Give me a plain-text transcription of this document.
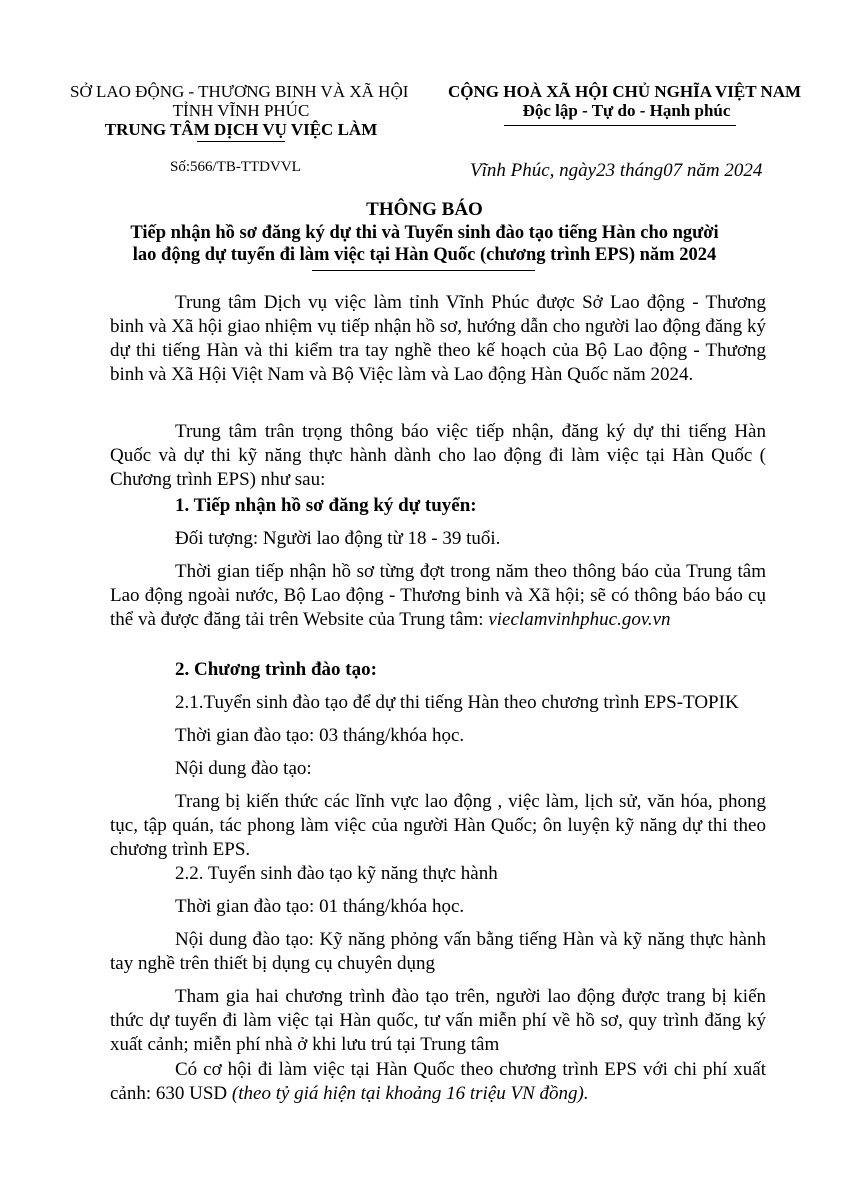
SỞ LAO ĐỘNG - THƯƠNG BINH VÀ XÃ HỘI
TỈNH VĨNH PHÚC
TRUNG TÂM DỊCH VỤ VIỆC LÀM
Số:566/TB-TTDVVL
CỘNG HOÀ XÃ HỘI CHỦ NGHĨA VIỆT NAM
Độc lập - Tự do - Hạnh phúc
Vĩnh Phúc, ngày23 tháng07 năm 2024
THÔNG BÁO
Tiếp nhận hồ sơ đăng ký dự thi và Tuyển sinh đào tạo tiếng Hàn cho người lao động dự tuyển đi làm việc tại Hàn Quốc (chương trình EPS) năm 2024
Trung tâm Dịch vụ việc làm tỉnh Vĩnh Phúc được Sở Lao động - Thương binh và Xã hội giao nhiệm vụ tiếp nhận hồ sơ, hướng dẫn cho người lao động đăng ký dự thi tiếng Hàn và thi kiểm tra tay nghề theo kế hoạch của Bộ Lao động - Thương binh và Xã Hội Việt Nam và Bộ Việc làm và Lao động Hàn Quốc năm 2024.
Trung tâm trân trọng thông báo việc tiếp nhận, đăng ký dự thi tiếng Hàn Quốc và dự thi kỹ năng thực hành dành cho lao động đi làm việc tại Hàn Quốc ( Chương trình EPS) như sau:
1. Tiếp nhận hồ sơ đăng ký dự tuyển:
Đối tượng: Người lao động từ 18 - 39 tuổi.
Thời gian tiếp nhận hồ sơ từng đợt trong năm theo thông báo của Trung tâm Lao động ngoài nước, Bộ Lao động - Thương binh và Xã hội; sẽ có thông báo báo cụ thể và được đăng tải trên Website của Trung tâm: vieclamvinhphuc.gov.vn
2. Chương trình đào tạo:
2.1.Tuyển sinh đào tạo để dự thi tiếng Hàn theo chương trình EPS-TOPIK
Thời gian đào tạo: 03 tháng/khóa học.
Nội dung đào tạo:
Trang bị kiến thức các lĩnh vực lao động , việc làm, lịch sử, văn hóa, phong tục, tập quán, tác phong làm việc của người Hàn Quốc; ôn luyện kỹ năng dự thi theo chương trình EPS.
2.2. Tuyển sinh đào tạo kỹ năng thực hành
Thời gian đào tạo: 01 tháng/khóa học.
Nội dung đào tạo: Kỹ năng phỏng vấn bằng tiếng Hàn và kỹ năng thực hành tay nghề trên thiết bị dụng cụ chuyên dụng
Tham gia hai chương trình đào tạo trên, người lao động được trang bị kiến thức dự tuyển đi làm việc tại Hàn quốc, tư vấn miễn phí về hồ sơ, quy trình đăng ký xuất cảnh; miễn phí nhà ở khi lưu trú tại Trung tâm
Có cơ hội đi làm việc tại Hàn Quốc theo chương trình EPS với chi phí xuất cảnh: 630 USD (theo tỷ giá hiện tại khoảng 16 triệu VN đồng).
